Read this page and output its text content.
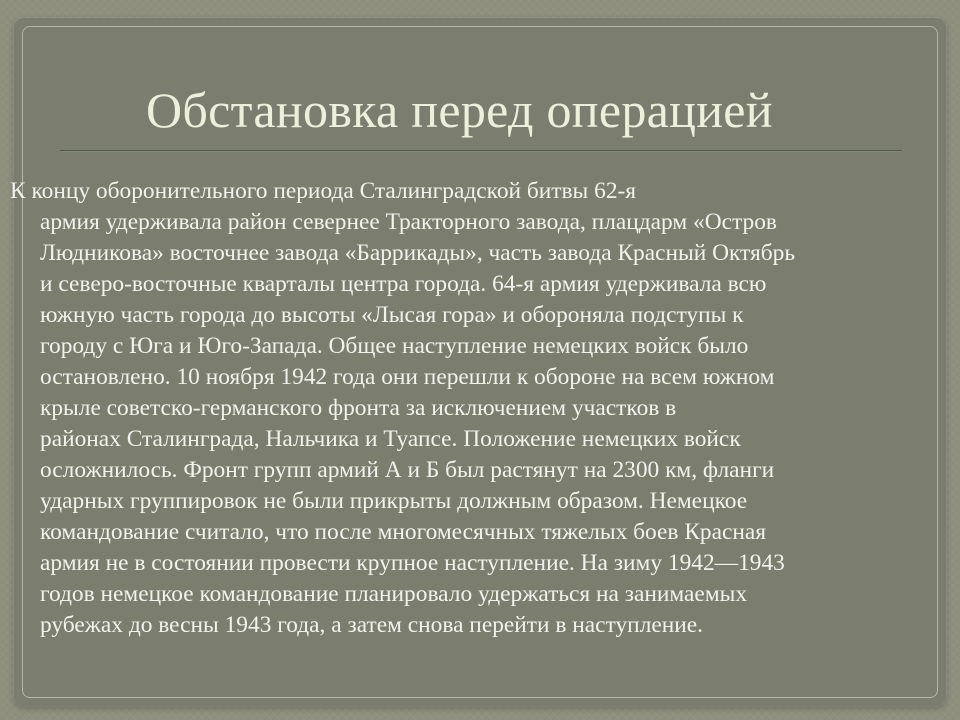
Обстановка перед операцией

К концу оборонительного периода Сталинградской битвы 62-я
армия удерживала район севернее Тракторного завода, плацдарм «Остров
Людникова» восточнее завода «Баррикады», часть завода Красный Октябрь
и северо-восточные кварталы центра города. 64-я армия удерживала всю
южную часть города до высоты «Лысая гора» и обороняла подступы к
городу с Юга и Юго-Запада. Общее наступление немецких войск было
остановлено. 10 ноября 1942 года они перешли к обороне на всем южном
крыле советско-германского фронта за исключением участков в
районах Сталинграда, Нальчика и Туапсе. Положение немецких войск
осложнилось. Фронт групп армий А и Б был растянут на 2300 км, фланги
ударных группировок не были прикрыты должным образом. Немецкое
командование считало, что после многомесячных тяжелых боев Красная
армия не в состоянии провести крупное наступление. На зиму 1942—1943
годов немецкое командование планировало удержаться на занимаемых
рубежах до весны 1943 года, а затем снова перейти в наступление.
